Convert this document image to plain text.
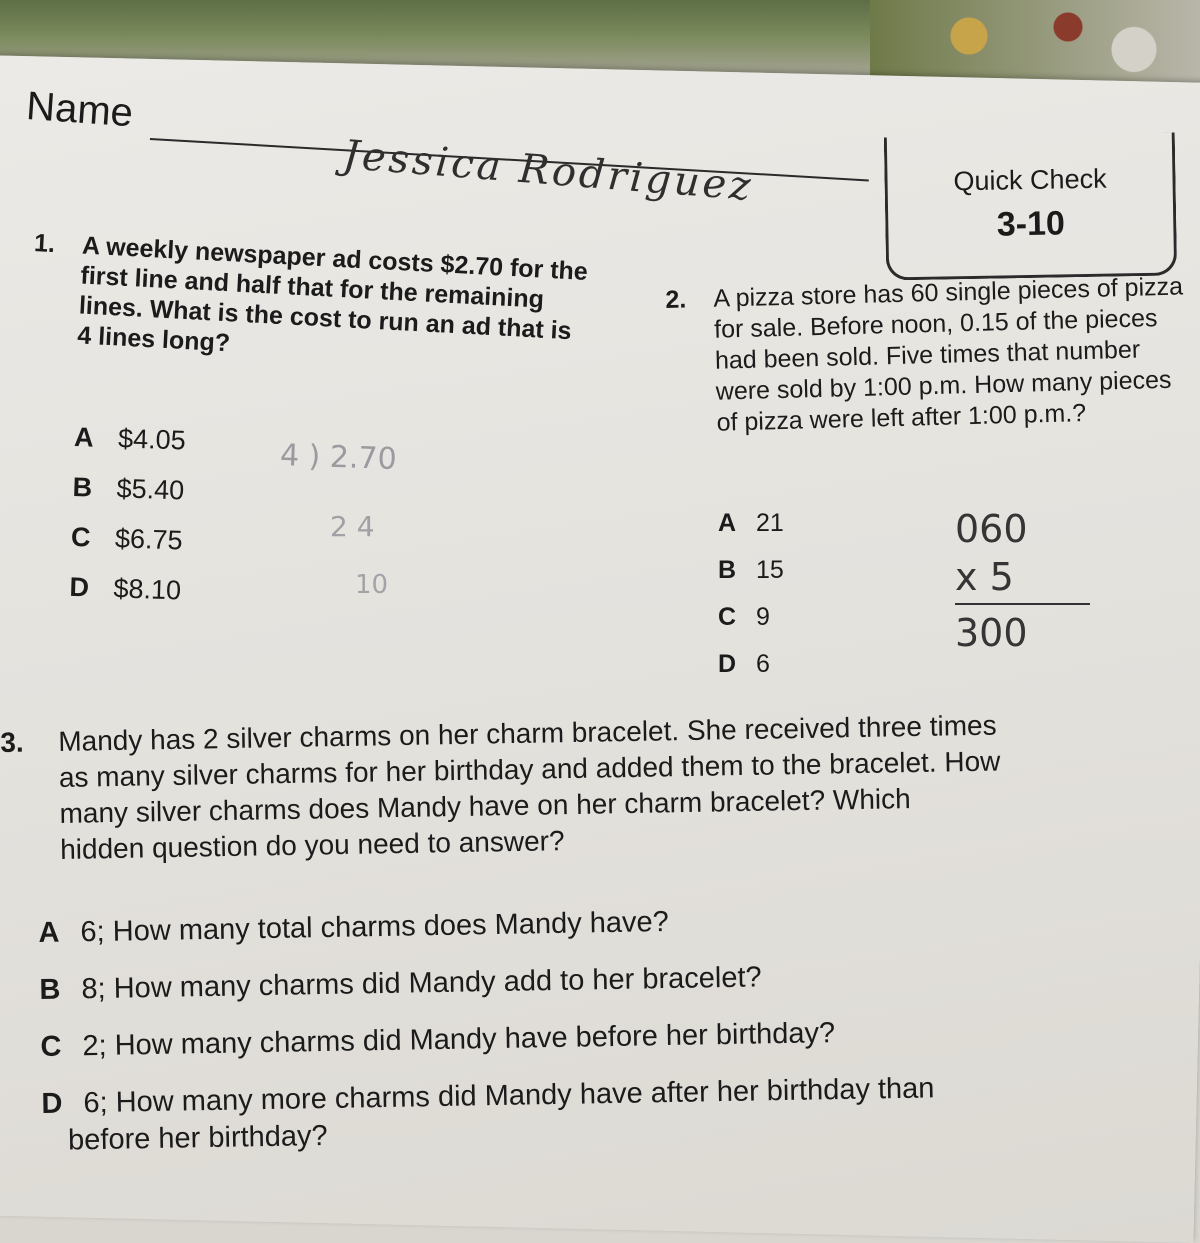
Name
Jessica Rodriguez	Quick Check
3-10
1. A weekly newspaper ad costs $2.70 for the first line and half that for the remaining lines. What is the cost to run an ad that is 4 lines long?
A $4.05
B $5.40
C $6.75
D $8.10
4 ) 2.70
2 4
10
2. A pizza store has 60 single pieces of pizza for sale. Before noon, 0.15 of the pieces had been sold. Five times that number were sold by 1:00 p.m. How many pieces of pizza were left after 1:00 p.m.?
A 21
B 15
C 9
D 6
060
x 5
300
3. Mandy has 2 silver charms on her charm bracelet. She received three times as many silver charms for her birthday and added them to the bracelet. How many silver charms does Mandy have on her charm bracelet? Which hidden question do you need to answer?
A 6; How many total charms does Mandy have?
B 8; How many charms did Mandy add to her bracelet?
C 2; How many charms did Mandy have before her birthday?
D 6; How many more charms did Mandy have after her birthday than
before her birthday?
